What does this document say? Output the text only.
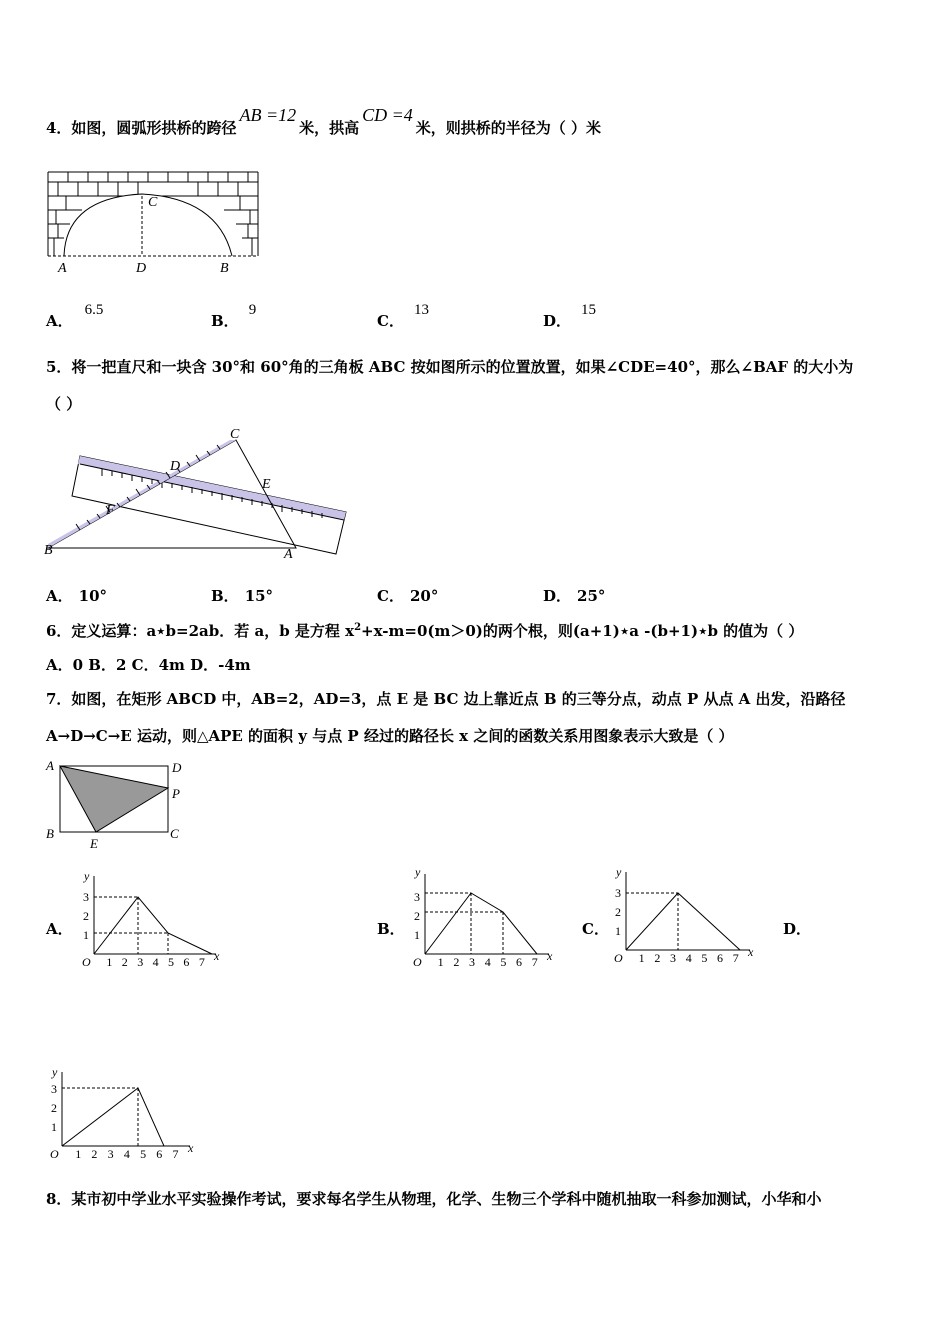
4．如图，圆弧形拱桥的跨径AB =12米，拱高CD =4米，则拱桥的半径为（ ）米
C
A	D	B
A．6.5
B．9
C．13
D．15
5．将一把直尺和一块含 30°和 60°角的三角板 ABC 按如图所示的位置放置，如果∠CDE=40°，那么∠BAF 的大小为
（ ）
C
D
E
F
B	A
A． 10°	B． 15°	C． 20°	D． 25°
6．定义运算：a⋆b=2ab．若 a，b 是方程 $x^2+x-m=0(m>0)$的两个根，则(a+1)⋆a -(b+1)⋆b 的值为（ ）
A．0 B．2 C．4m D．-4m
7．如图，在矩形 ABCD 中，AB=2，AD=3，点 E 是 BC 边上靠近点 B 的三等分点，动点 P 从点 A 出发，沿路径
A→D→C→E 运动，则△APE 的面积 y 与点 P 经过的路径长 x 之间的函数关系用图象表示大致是（ ）
A	D
P
B
E
C
A．	B．	C．	D．
O	x
y
1 2 3 4 5 6 7
1
2
3
O	x
y
1 2 3 4 5 6 7
1
2
3
O	x
y
1 2 3 4 5 6 7
1
2
3
O	x
y
1 2 3 4 5 6 7
1
2
3
8．某市初中学业水平实验操作考试，要求每名学生从物理，化学、生物三个学科中随机抽取一科参加测试，小华和小
